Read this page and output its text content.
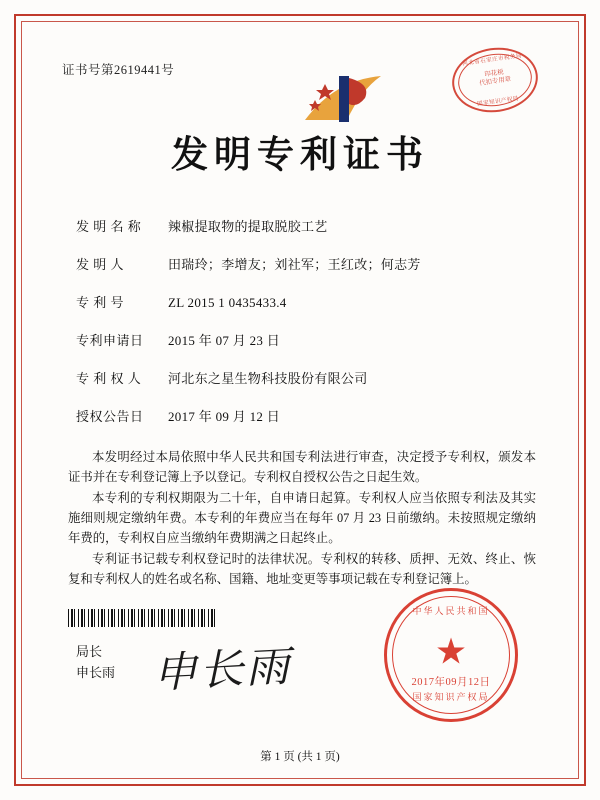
证书号第2619441号
河北省石家庄市税务局
印花税
代扣专用章
国家知识产权局
发明专利证书
发 明 名 称	辣椒提取物的提取脱胶工艺
发 明 人	田瑞玲；李增友；刘社军；王红改；何志芳
专 利 号	ZL 2015 1 0435433.4
专利申请日	2015 年 07 月 23 日
专 利 权 人	河北东之星生物科技股份有限公司
授权公告日	2017 年 09 月 12 日

本发明经过本局依照中华人民共和国专利法进行审查，决定授予专利权，颁发本证书并在专利登记簿上予以登记。专利权自授权公告之日起生效。

本专利的专利权期限为二十年，自申请日起算。专利权人应当依照专利法及其实施细则规定缴纳年费。本专利的年费应当在每年 07 月 23 日前缴纳。未按照规定缴纳年费的，专利权自应当缴纳年费期满之日起终止。

专利证书记载专利权登记时的法律状况。专利权的转移、质押、无效、终止、恢复和专利权人的姓名或名称、国籍、地址变更等事项记载在专利登记簿上。

局长
申长雨 申长雨
中华人民共和国
★
2017年09月12日
国家知识产权局
第 1 页 (共 1 页)
